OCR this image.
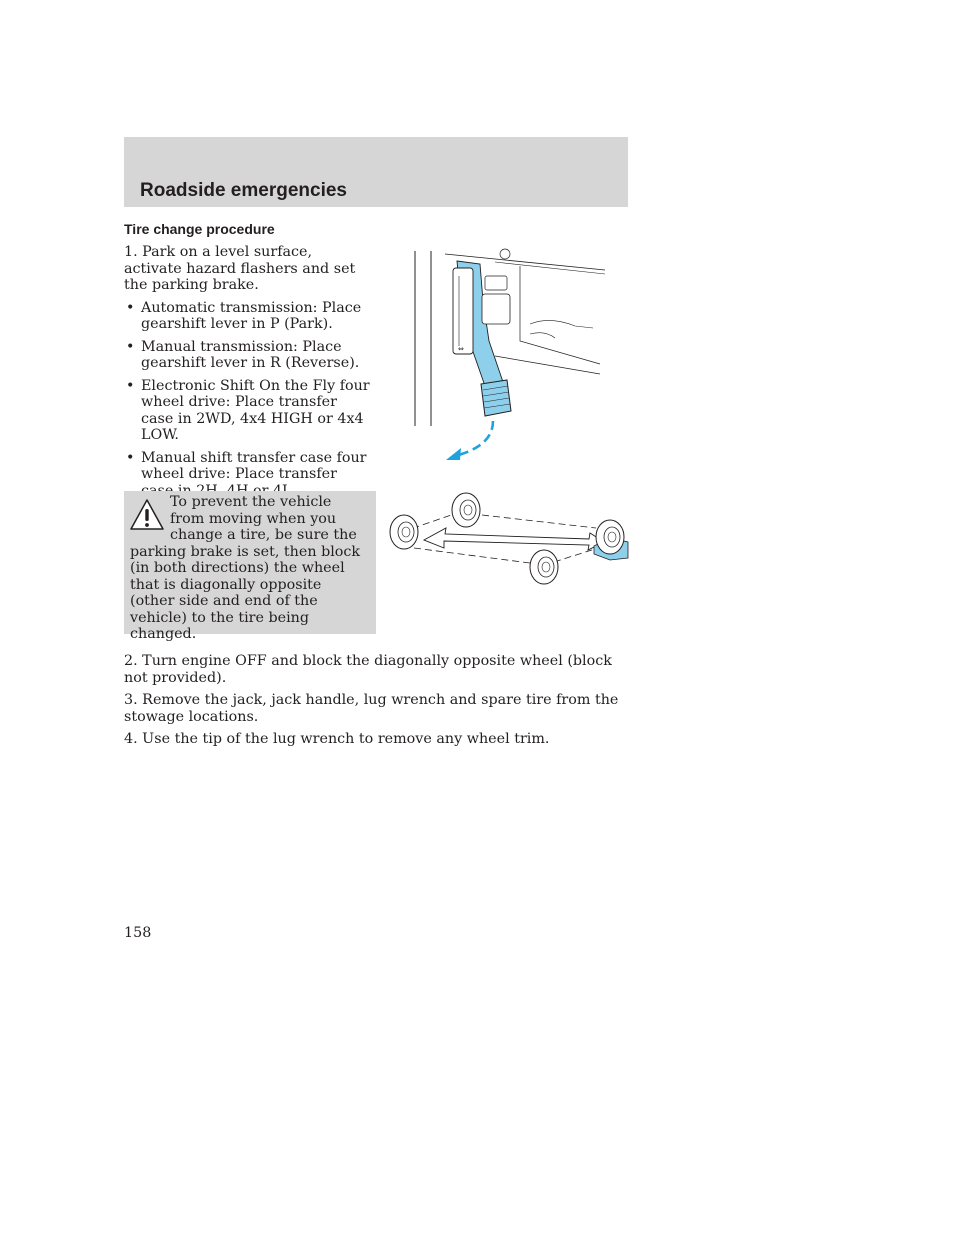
Roadside emergencies
Tire change procedure

1. Park on a level surface, activate hazard flashers and set the parking brake.

• Automatic transmission: Place gearshift lever in P (Park).
• Manual transmission: Place gearshift lever in R (Reverse).
• Electronic Shift On the Fly four wheel drive: Place transfer case in 2WD, 4x4 HIGH or 4x4 LOW.
• Manual shift transfer case four wheel drive: Place transfer

To prevent the vehicle from moving when you change a tire, be sure the parking brake is set, then block (in both directions) the wheel that is diagonally opposite (other side and end of the vehicle) to the tire being changed.

⇔

2. Turn engine OFF and block the diagonally opposite wheel (block not provided).

3. Remove the jack, jack handle, lug wrench and spare tire from the stowage locations.

4. Use the tip of the lug wrench to remove any wheel trim.

158
